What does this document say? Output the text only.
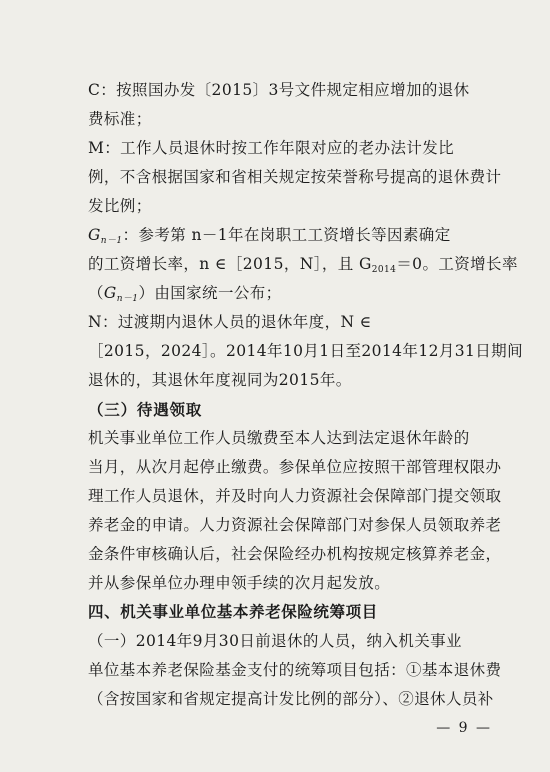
C：按照国办发〔2015〕3号文件规定相应增加的退休
费标准；
M：工作人员退休时按工作年限对应的老办法计发比
例，不含根据国家和省相关规定按荣誉称号提高的退休费计
发比例；
$G_{n-1}$：参考第 n－1年在岗职工工资增长等因素确定
的工资增长率，n ∈［2015，N］，且 $G_{2014}=0$。工资增长率
$(G_{n-1})$由国家统一公布；
N：过渡期内退休人员的退休年度，N ∈
［2015，2024］。2014年10月1日至2014年12月31日期间
退休的，其退休年度视同为2015年。
（三）待遇领取
机关事业单位工作人员缴费至本人达到法定退休年龄的
当月，从次月起停止缴费。参保单位应按照干部管理权限办
理工作人员退休，并及时向人力资源社会保障部门提交领取
养老金的申请。人力资源社会保障部门对参保人员领取养老
金条件审核确认后，社会保险经办机构按规定核算养老金，
并从参保单位办理申领手续的次月起发放。
四、机关事业单位基本养老保险统筹项目
（一）2014年9月30日前退休的人员，纳入机关事业
单位基本养老保险基金支付的统筹项目包括：①基本退休费
（含按国家和省规定提高计发比例的部分）、②退休人员补
— 9 —
